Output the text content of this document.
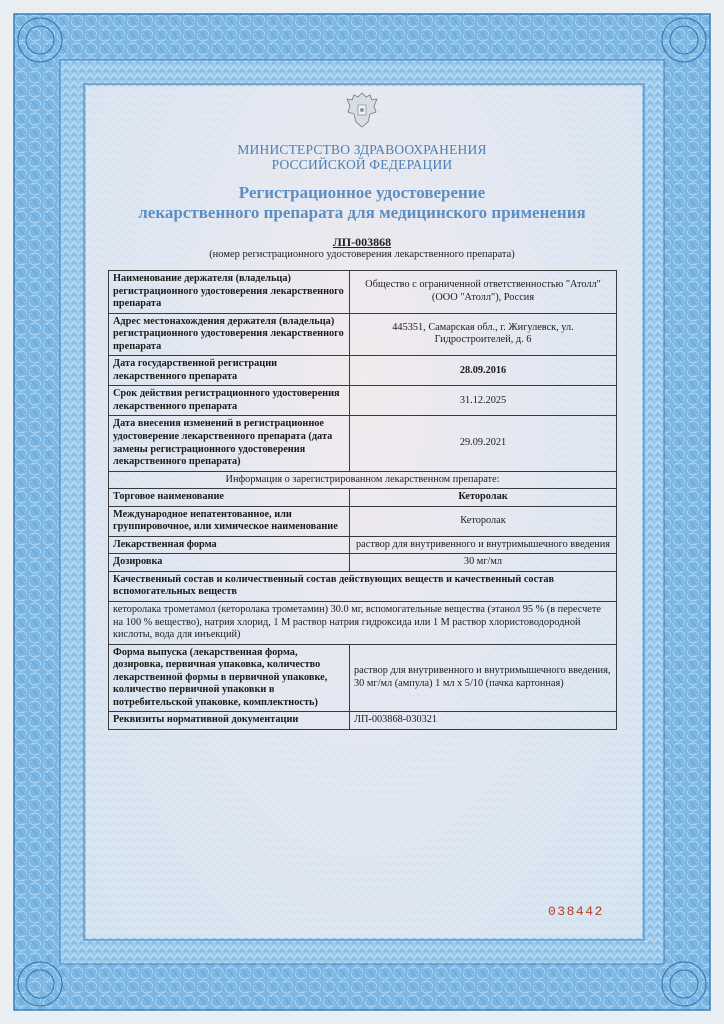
МИНИСТЕРСТВО ЗДРАВООХРАНЕНИЯ
РОССИЙСКОЙ ФЕДЕРАЦИИ
Регистрационное удостоверение
лекарственного препарата для медицинского применения
ЛП-003868
(номер регистрационного удостоверения лекарственного препарата)
Наименование держателя (владельца) регистрационного удостоверения лекарственного препарата	Общество с ограниченной ответственностью "Атолл" (ООО "Атолл"), Россия
Адрес местонахождения держателя (владельца) регистрационного удостоверения лекарственного препарата	445351, Самарская обл., г. Жигулевск, ул. Гидростроителей, д. 6
Дата государственной регистрации лекарственного препарата	28.09.2016
Срок действия регистрационного удостоверения лекарственного препарата	31.12.2025
Дата внесения изменений в регистрационное удостоверение лекарственного препарата (дата замены регистрационного удостоверения лекарственного препарата)	29.09.2021
Информация о зарегистрированном лекарственном препарате:	
Торговое наименование	Кеторолак
Международное непатентованное, или группировочное, или химическое наименование	Кеторолак
Лекарственная форма	раствор для внутривенного и внутримышечного введения
Дозировка	30 мг/мл
Качественный состав и количественный состав действующих веществ и качественный состав вспомогательных веществ	
кеторолака трометамол (кеторолака трометамин) 30.0 мг, вспомогательные вещества (этанол 95 % (в пересчете на 100 % вещество), натрия хлорид, 1 М раствор натрия гидроксида или 1 М раствор хлористоводородной кислоты, вода для инъекций)	
Форма выпуска (лекарственная форма, дозировка, первичная упаковка, количество лекарственной формы в первичной упаковке, количество первичной упаковки в потребительской упаковке, комплектность)	раствор для внутривенного и внутримышечного введения, 30 мг/мл (ампула) 1 мл x 5/10 (пачка картонная)
Реквизиты нормативной документации	ЛП-003868-030321
038442
